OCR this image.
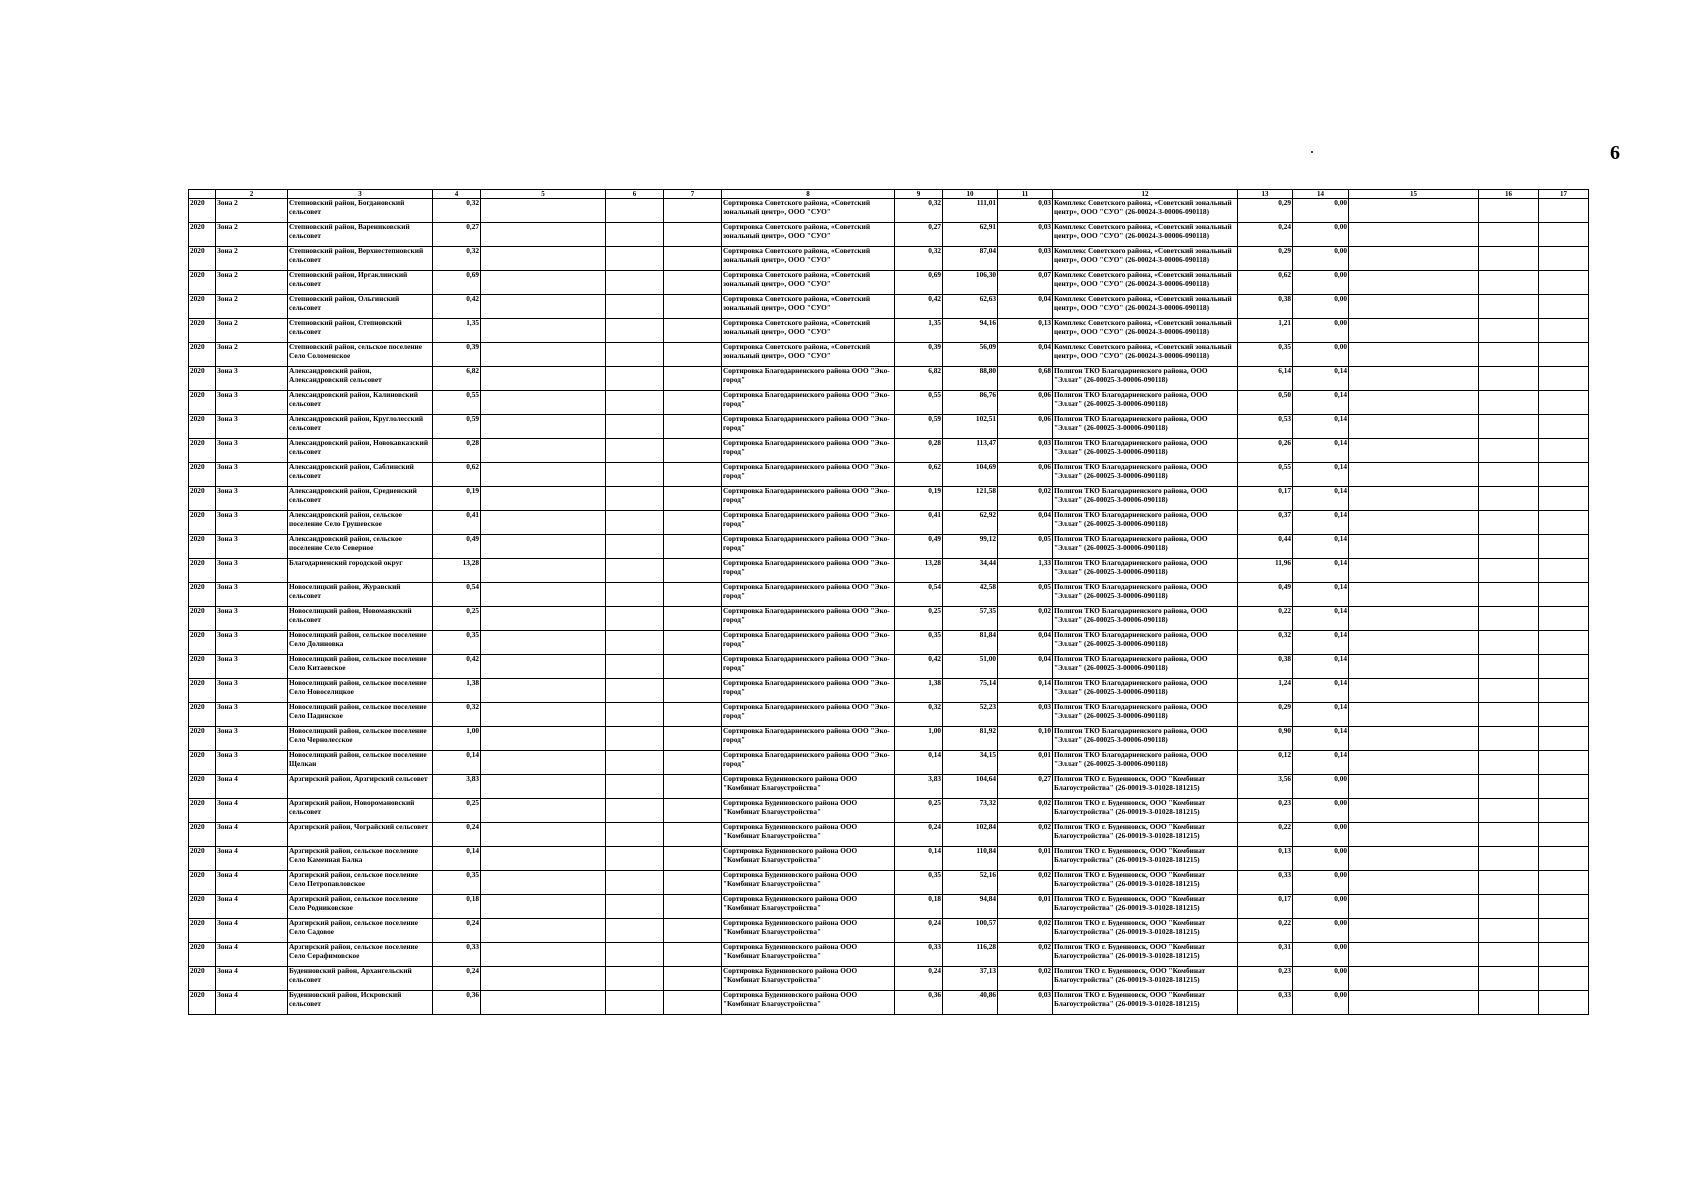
6
	2	3	4	5	6	7	8	9	10	11	12	13	14	15	16	17
2020	Зона 2	Степновский район, Богдановский сельсовет	0,32				Сортировка Советского района, «Советский зональный центр», ООО "СУО"	0,32	111,01	0,03	Комплекс Советского района, «Советский зональный центр», ООО "СУО" (26-00024-З-00006-090118)	0,29	0,00			
2020	Зона 2	Степновский район, Варениковский сельсовет	0,27				Сортировка Советского района, «Советский зональный центр», ООО "СУО"	0,27	62,91	0,03	Комплекс Советского района, «Советский зональный центр», ООО "СУО" (26-00024-З-00006-090118)	0,24	0,00			
2020	Зона 2	Степновский район, Верхнестепновский сельсовет	0,32				Сортировка Советского района, «Советский зональный центр», ООО "СУО"	0,32	87,04	0,03	Комплекс Советского района, «Советский зональный центр», ООО "СУО" (26-00024-З-00006-090118)	0,29	0,00			
2020	Зона 2	Степновский район, Иргаклинский сельсовет	0,69				Сортировка Советского района, «Советский зональный центр», ООО "СУО"	0,69	106,30	0,07	Комплекс Советского района, «Советский зональный центр», ООО "СУО" (26-00024-З-00006-090118)	0,62	0,00			
2020	Зона 2	Степновский район, Ольгинский сельсовет	0,42				Сортировка Советского района, «Советский зональный центр», ООО "СУО"	0,42	62,63	0,04	Комплекс Советского района, «Советский зональный центр», ООО "СУО" (26-00024-З-00006-090118)	0,38	0,00			
2020	Зона 2	Степновский район, Степновский сельсовет	1,35				Сортировка Советского района, «Советский зональный центр», ООО "СУО"	1,35	94,16	0,13	Комплекс Советского района, «Советский зональный центр», ООО "СУО" (26-00024-З-00006-090118)	1,21	0,00			
2020	Зона 2	Степновский район, сельское поселение Село Соломенское	0,39				Сортировка Советского района, «Советский зональный центр», ООО "СУО"	0,39	56,09	0,04	Комплекс Советского района, «Советский зональный центр», ООО "СУО" (26-00024-З-00006-090118)	0,35	0,00			
2020	Зона 3	Александровский район, Александровский сельсовет	6,82				Сортировка Благодарненского района ООО "Эко-город"	6,82	88,80	0,68	Полигон ТКО Благодарненского района, ООО "Эллат" (26-00025-З-00006-090118)	6,14	0,14			
2020	Зона 3	Александровский район, Калиновский сельсовет	0,55				Сортировка Благодарненского района ООО "Эко-город"	0,55	86,76	0,06	Полигон ТКО Благодарненского района, ООО "Эллат" (26-00025-З-00006-090118)	0,50	0,14			
2020	Зона 3	Александровский район, Круглолесский сельсовет	0,59				Сортировка Благодарненского района ООО "Эко-город"	0,59	102,51	0,06	Полигон ТКО Благодарненского района, ООО "Эллат" (26-00025-З-00006-090118)	0,53	0,14			
2020	Зона 3	Александровский район, Новокавказский сельсовет	0,28				Сортировка Благодарненского района ООО "Эко-город"	0,28	113,47	0,03	Полигон ТКО Благодарненского района, ООО "Эллат" (26-00025-З-00006-090118)	0,26	0,14			
2020	Зона 3	Александровский район, Саблинский сельсовет	0,62				Сортировка Благодарненского района ООО "Эко-город"	0,62	104,69	0,06	Полигон ТКО Благодарненского района, ООО "Эллат" (26-00025-З-00006-090118)	0,55	0,14			
2020	Зона 3	Александровский район, Средненский сельсовет	0,19				Сортировка Благодарненского района ООО "Эко-город"	0,19	121,58	0,02	Полигон ТКО Благодарненского района, ООО "Эллат" (26-00025-З-00006-090118)	0,17	0,14			
2020	Зона 3	Александровский район, сельское поселение Село Грушевское	0,41				Сортировка Благодарненского района ООО "Эко-город"	0,41	62,92	0,04	Полигон ТКО Благодарненского района, ООО "Эллат" (26-00025-З-00006-090118)	0,37	0,14			
2020	Зона 3	Александровский район, сельское поселение Село Северное	0,49				Сортировка Благодарненского района ООО "Эко-город"	0,49	99,12	0,05	Полигон ТКО Благодарненского района, ООО "Эллат" (26-00025-З-00006-090118)	0,44	0,14			
2020	Зона 3	Благодарненский городской округ	13,28				Сортировка Благодарненского района ООО "Эко-город"	13,28	34,44	1,33	Полигон ТКО Благодарненского района, ООО "Эллат" (26-00025-З-00006-090118)	11,96	0,14			
2020	Зона 3	Новоселицкий район, Журавский сельсовет	0,54				Сортировка Благодарненского района ООО "Эко-город"	0,54	42,58	0,05	Полигон ТКО Благодарненского района, ООО "Эллат" (26-00025-З-00006-090118)	0,49	0,14			
2020	Зона 3	Новоселицкий район, Новомаякский сельсовет	0,25				Сортировка Благодарненского района ООО "Эко-город"	0,25	57,35	0,02	Полигон ТКО Благодарненского района, ООО "Эллат" (26-00025-З-00006-090118)	0,22	0,14			
2020	Зона 3	Новоселицкий район, сельское поселение Село Долиновка	0,35				Сортировка Благодарненского района ООО "Эко-город"	0,35	81,84	0,04	Полигон ТКО Благодарненского района, ООО "Эллат" (26-00025-З-00006-090118)	0,32	0,14			
2020	Зона 3	Новоселицкий район, сельское поселение Село Китаевское	0,42				Сортировка Благодарненского района ООО "Эко-город"	0,42	51,00	0,04	Полигон ТКО Благодарненского района, ООО "Эллат" (26-00025-З-00006-090118)	0,38	0,14			
2020	Зона 3	Новоселицкий район, сельское поселение Село Новоселицкое	1,38				Сортировка Благодарненского района ООО "Эко-город"	1,38	75,14	0,14	Полигон ТКО Благодарненского района, ООО "Эллат" (26-00025-З-00006-090118)	1,24	0,14			
2020	Зона 3	Новоселицкий район, сельское поселение Село Падинское	0,32				Сортировка Благодарненского района ООО "Эко-город"	0,32	52,23	0,03	Полигон ТКО Благодарненского района, ООО "Эллат" (26-00025-З-00006-090118)	0,29	0,14			
2020	Зона 3	Новоселицкий район, сельское поселение Село Чернолесское	1,00				Сортировка Благодарненского района ООО "Эко-город"	1,00	81,92	0,10	Полигон ТКО Благодарненского района, ООО "Эллат" (26-00025-З-00006-090118)	0,90	0,14			
2020	Зона 3	Новоселицкий район, сельское поселение Щелкан	0,14				Сортировка Благодарненского района ООО "Эко-город"	0,14	34,15	0,01	Полигон ТКО Благодарненского района, ООО "Эллат" (26-00025-З-00006-090118)	0,12	0,14			
2020	Зона 4	Арзгирский район, Арзгирский сельсовет	3,83				Сортировка Буденновского района ООО "Комбинат Благоустройства"	3,83	104,64	0,27	Полигон ТКО г. Буденновск, ООО "Комбинат Благоустройства" (26-00019-З-01028-181215)	3,56	0,00			
2020	Зона 4	Арзгирский район, Новоромановский сельсовет	0,25				Сортировка Буденновского района ООО "Комбинат Благоустройства"	0,25	73,32	0,02	Полигон ТКО г. Буденновск, ООО "Комбинат Благоустройства" (26-00019-З-01028-181215)	0,23	0,00			
2020	Зона 4	Арзгирский район, Чограйский сельсовет	0,24				Сортировка Буденновского района ООО "Комбинат Благоустройства"	0,24	102,84	0,02	Полигон ТКО г. Буденновск, ООО "Комбинат Благоустройства" (26-00019-З-01028-181215)	0,22	0,00			
2020	Зона 4	Арзгирский район, сельское поселение Село Каменная Балка	0,14				Сортировка Буденновского района ООО "Комбинат Благоустройства"	0,14	110,84	0,01	Полигон ТКО г. Буденновск, ООО "Комбинат Благоустройства" (26-00019-З-01028-181215)	0,13	0,00			
2020	Зона 4	Арзгирский район, сельское поселение Село Петропавловское	0,35				Сортировка Буденновского района ООО "Комбинат Благоустройства"	0,35	52,16	0,02	Полигон ТКО г. Буденновск, ООО "Комбинат Благоустройства" (26-00019-З-01028-181215)	0,33	0,00			
2020	Зона 4	Арзгирский район, сельское поселение Село Родниковское	0,18				Сортировка Буденновского района ООО "Комбинат Благоустройства"	0,18	94,84	0,01	Полигон ТКО г. Буденновск, ООО "Комбинат Благоустройства" (26-00019-З-01028-181215)	0,17	0,00			
2020	Зона 4	Арзгирский район, сельское поселение Село Садовое	0,24				Сортировка Буденновского района ООО "Комбинат Благоустройства"	0,24	100,57	0,02	Полигон ТКО г. Буденновск, ООО "Комбинат Благоустройства" (26-00019-З-01028-181215)	0,22	0,00			
2020	Зона 4	Арзгирский район, сельское поселение Село Серафимовское	0,33				Сортировка Буденновского района ООО "Комбинат Благоустройства"	0,33	116,28	0,02	Полигон ТКО г. Буденновск, ООО "Комбинат Благоустройства" (26-00019-З-01028-181215)	0,31	0,00			
2020	Зона 4	Буденновский район, Архангельский сельсовет	0,24				Сортировка Буденновского района ООО "Комбинат Благоустройства"	0,24	37,13	0,02	Полигон ТКО г. Буденновск, ООО "Комбинат Благоустройства" (26-00019-З-01028-181215)	0,23	0,00			
2020	Зона 4	Буденновский район, Искровский сельсовет	0,36				Сортировка Буденновского района ООО "Комбинат Благоустройства"	0,36	40,86	0,03	Полигон ТКО г. Буденновск, ООО "Комбинат Благоустройства" (26-00019-З-01028-181215)	0,33	0,00			
